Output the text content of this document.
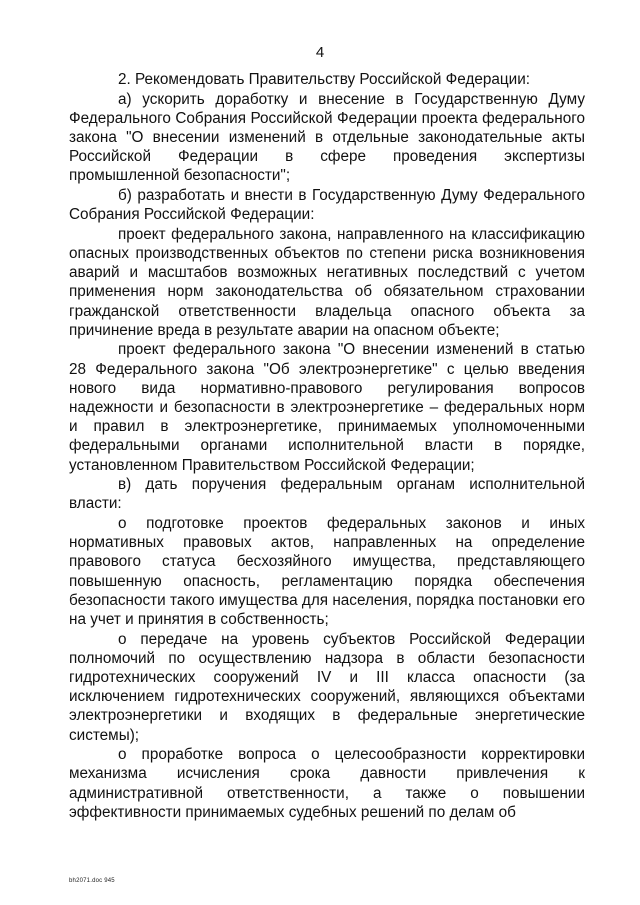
4

2. Рекомендовать Правительству Российской Федерации:

а) ускорить доработку и внесение в Государственную Думу Федерального Собрания Российской Федерации проекта федерального закона "О внесении изменений в отдельные законодательные акты Российской Федерации в сфере проведения экспертизы промышленной безопасности";

б) разработать и внести в Государственную Думу Федерального Собрания Российской Федерации:

проект федерального закона, направленного на классификацию опасных производственных объектов по степени риска возникновения аварий и масштабов возможных негативных последствий с учетом применения норм законодательства об обязательном страховании гражданской ответственности владельца опасного объекта за причинение вреда в результате аварии на опасном объекте;

проект федерального закона "О внесении изменений в статью 28 Федерального закона "Об электроэнергетике" с целью введения нового вида нормативно-правового регулирования вопросов надежности и безопасности в электроэнергетике – федеральных норм и правил в электроэнергетике, принимаемых уполномоченными федеральными органами исполнительной власти в порядке, установленном Правительством Российской Федерации;

в) дать поручения федеральным органам исполнительной власти:

о подготовке проектов федеральных законов и иных нормативных правовых актов, направленных на определение правового статуса бесхозяйного имущества, представляющего повышенную опасность, регламентацию порядка обеспечения безопасности такого имущества для населения, порядка постановки его на учет и принятия в собственность;

о передаче на уровень субъектов Российской Федерации полномочий по осуществлению надзора в области безопасности гидротехнических сооружений IV и III класса опасности (за исключением гидротехнических сооружений, являющихся объектами электроэнергетики и входящих в федеральные энергетические системы);

о проработке вопроса о целесообразности корректировки механизма исчисления срока давности привлечения к административной ответственности, а также о повышении эффективности принимаемых судебных решений по делам об

bh2071.doc 945
